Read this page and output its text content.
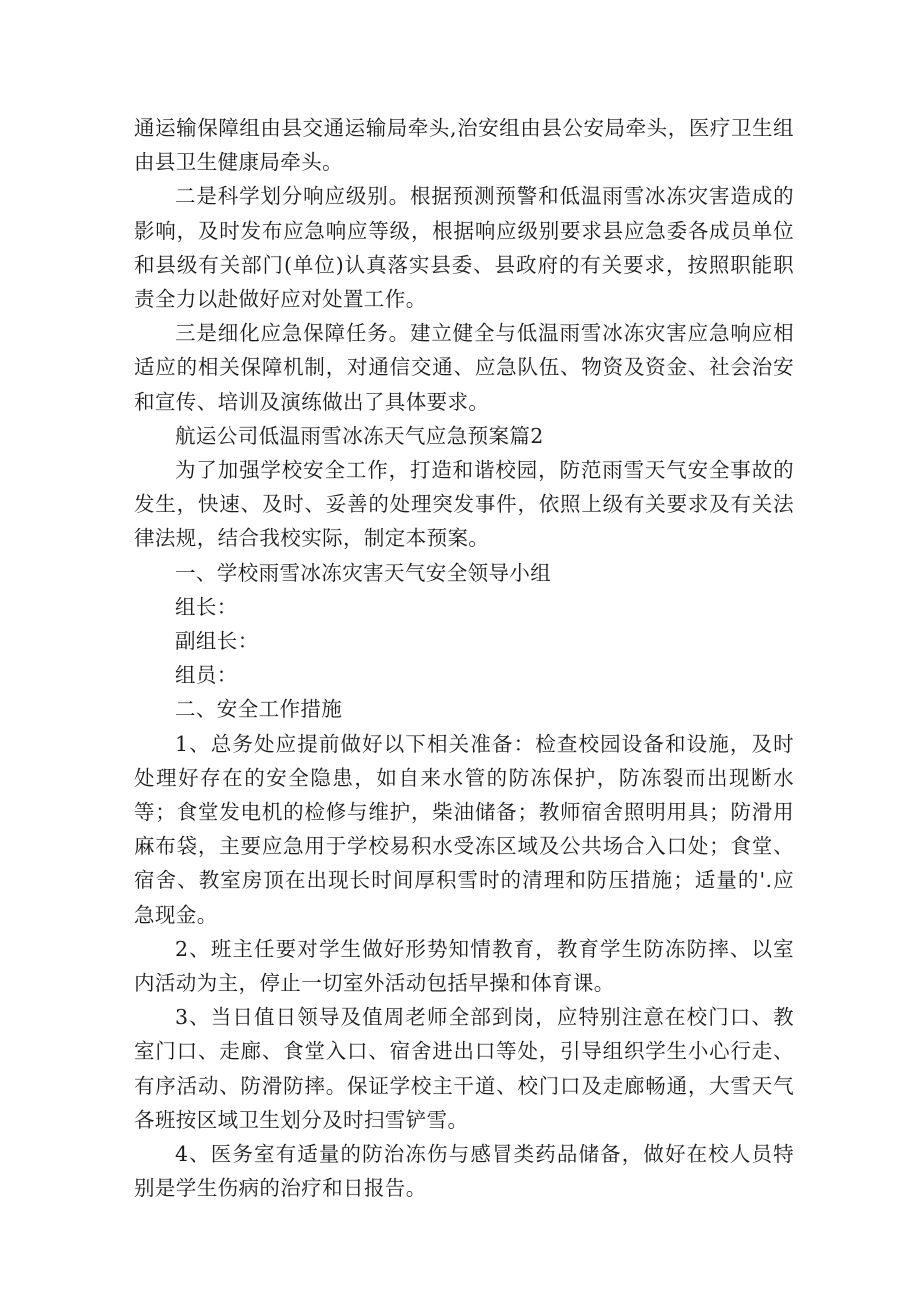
通运输保障组由县交通运输局牵头,治安组由县公安局牵头，医疗卫生组由县卫生健康局牵头。

二是科学划分响应级别。根据预测预警和低温雨雪冰冻灾害造成的影响，及时发布应急响应等级，根据响应级别要求县应急委各成员单位和县级有关部门(单位)认真落实县委、县政府的有关要求，按照职能职责全力以赴做好应对处置工作。

三是细化应急保障任务。建立健全与低温雨雪冰冻灾害应急响应相适应的相关保障机制，对通信交通、应急队伍、物资及资金、社会治安和宣传、培训及演练做出了具体要求。

航运公司低温雨雪冰冻天气应急预案篇2

为了加强学校安全工作，打造和谐校园，防范雨雪天气安全事故的发生，快速、及时、妥善的处理突发事件，依照上级有关要求及有关法律法规，结合我校实际，制定本预案。

一、学校雨雪冰冻灾害天气安全领导小组

组长：

副组长：

组员：

二、安全工作措施

1、总务处应提前做好以下相关准备：检查校园设备和设施，及时处理好存在的安全隐患，如自来水管的防冻保护，防冻裂而出现断水等；食堂发电机的检修与维护，柴油储备；教师宿舍照明用具；防滑用麻布袋，主要应急用于学校易积水受冻区域及公共场合入口处；食堂、宿舍、教室房顶在出现长时间厚积雪时的清理和防压措施；适量的'.应急现金。

2、班主任要对学生做好形势知情教育，教育学生防冻防摔、以室内活动为主，停止一切室外活动包括早操和体育课。

3、当日值日领导及值周老师全部到岗，应特别注意在校门口、教室门口、走廊、食堂入口、宿舍进出口等处，引导组织学生小心行走、有序活动、防滑防摔。保证学校主干道、校门口及走廊畅通，大雪天气各班按区域卫生划分及时扫雪铲雪。

4、医务室有适量的防治冻伤与感冒类药品储备，做好在校人员特别是学生伤病的治疗和日报告。
